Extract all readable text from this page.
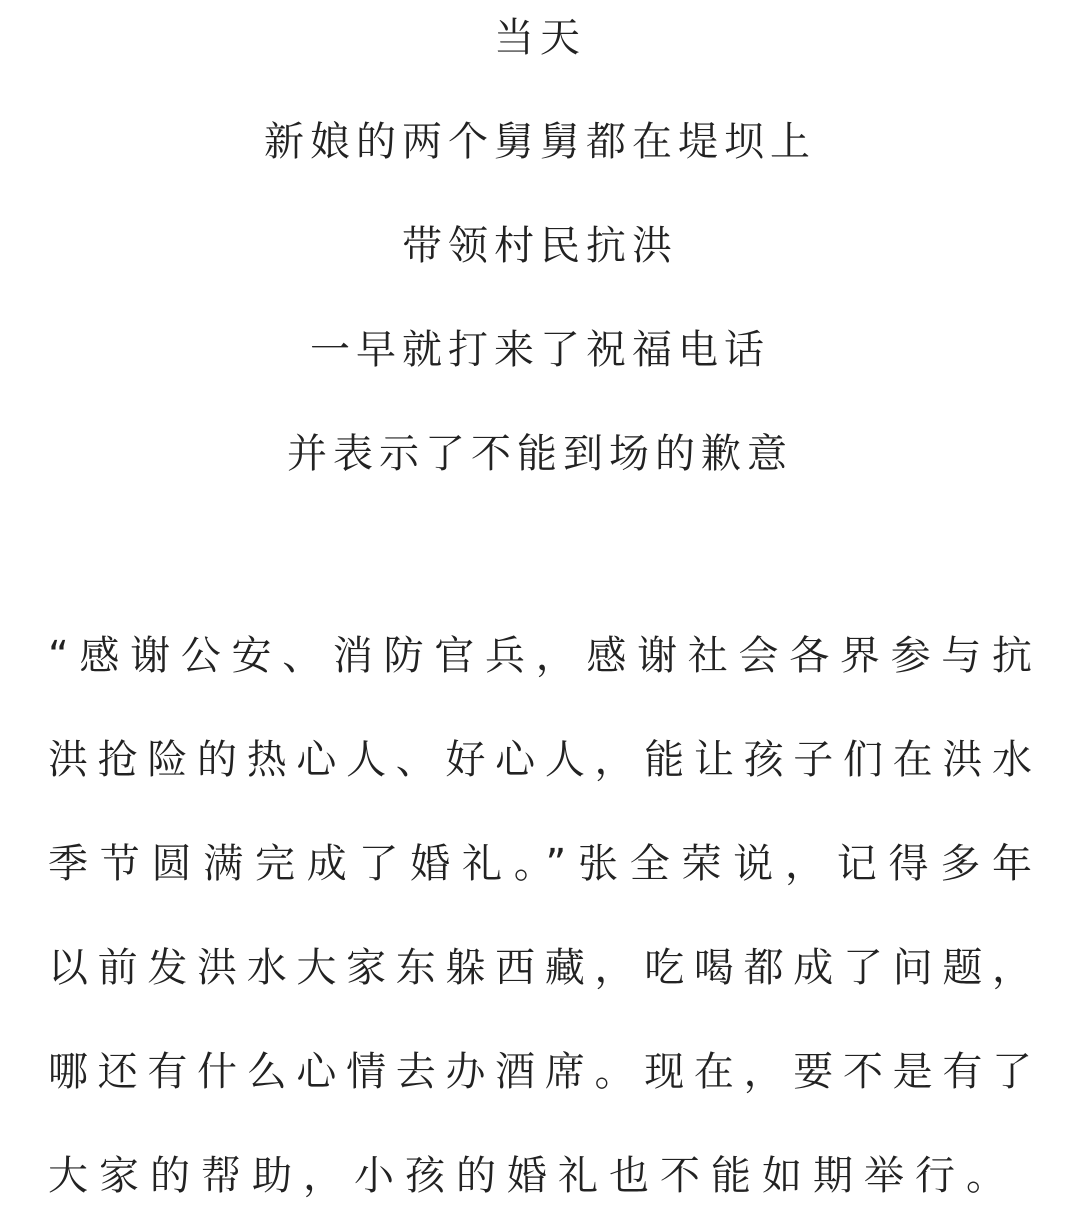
当天
新娘的两个舅舅都在堤坝上
带领村民抗洪
一早就打来了祝福电话
并表示了不能到场的歉意
“感谢公安、消防官兵，感谢社会各界参与抗
洪抢险的热心人、好心人，能让孩子们在洪水
季节圆满完成了婚礼。”张全荣说，记得多年
以前发洪水大家东躲西藏，吃喝都成了问题，
哪还有什么心情去办酒席。现在，要不是有了
大家的帮助，小孩的婚礼也不能如期举行。
